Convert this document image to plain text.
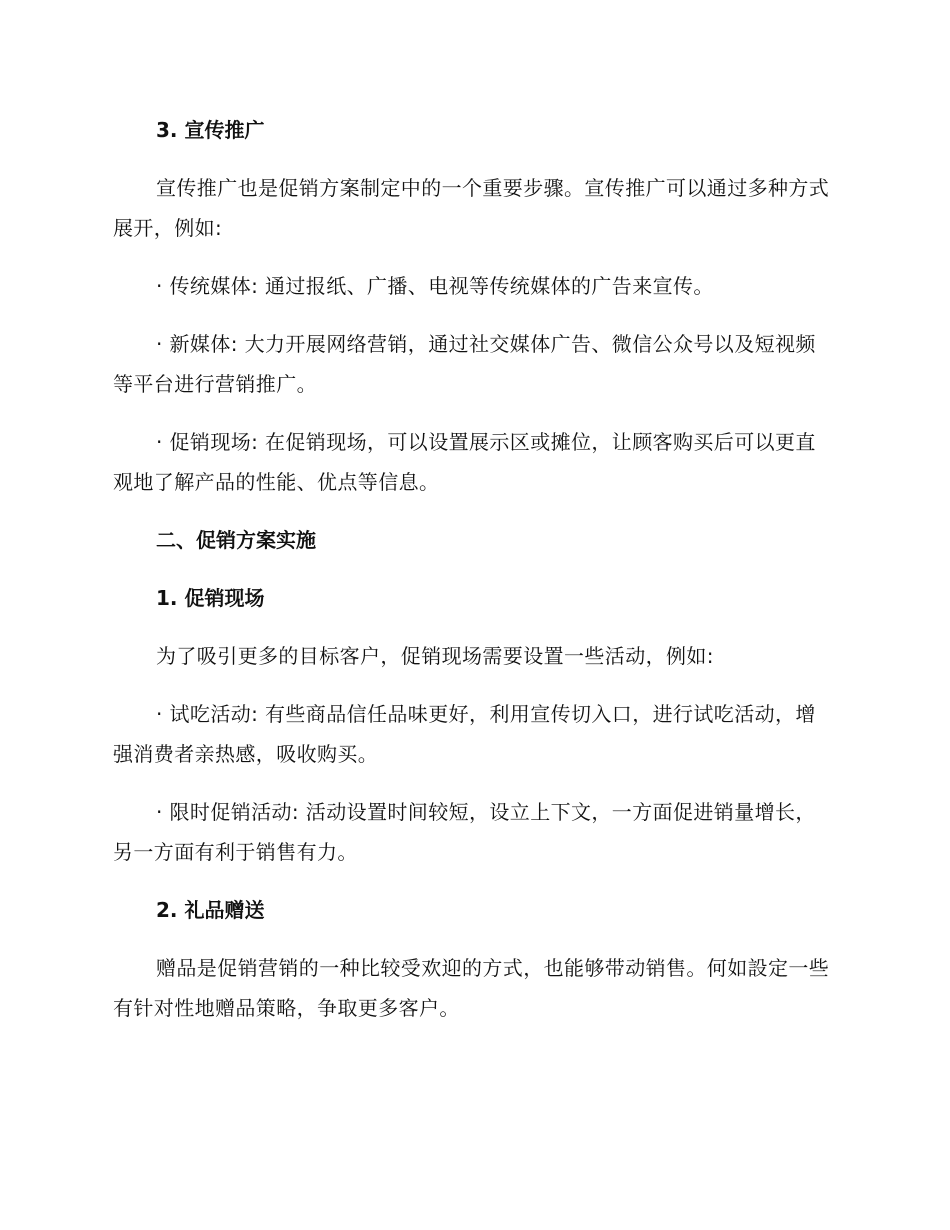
3. 宣传推广

宣传推广也是促销方案制定中的一个重要步骤。宣传推广可以通过多种方式展开，例如:

· 传统媒体: 通过报纸、广播、电视等传统媒体的广告来宣传。

· 新媒体: 大力开展网络营销，通过社交媒体广告、微信公众号以及短视频等平台进行营销推广。

· 促销现场: 在促销现场，可以设置展示区或摊位，让顾客购买后可以更直观地了解产品的性能、优点等信息。

二、促销方案实施

1. 促销现场

为了吸引更多的目标客户，促销现场需要设置一些活动，例如:

· 试吃活动: 有些商品信任品味更好，利用宣传切入口，进行试吃活动，增强消费者亲热感，吸收购买。

· 限时促销活动: 活动设置时间较短，设立上下文，一方面促进销量增长，另一方面有利于销售有力。

2. 礼品赠送

赠品是促销营销的一种比较受欢迎的方式，也能够带动销售。何如設定一些有针对性地赠品策略，争取更多客户。
